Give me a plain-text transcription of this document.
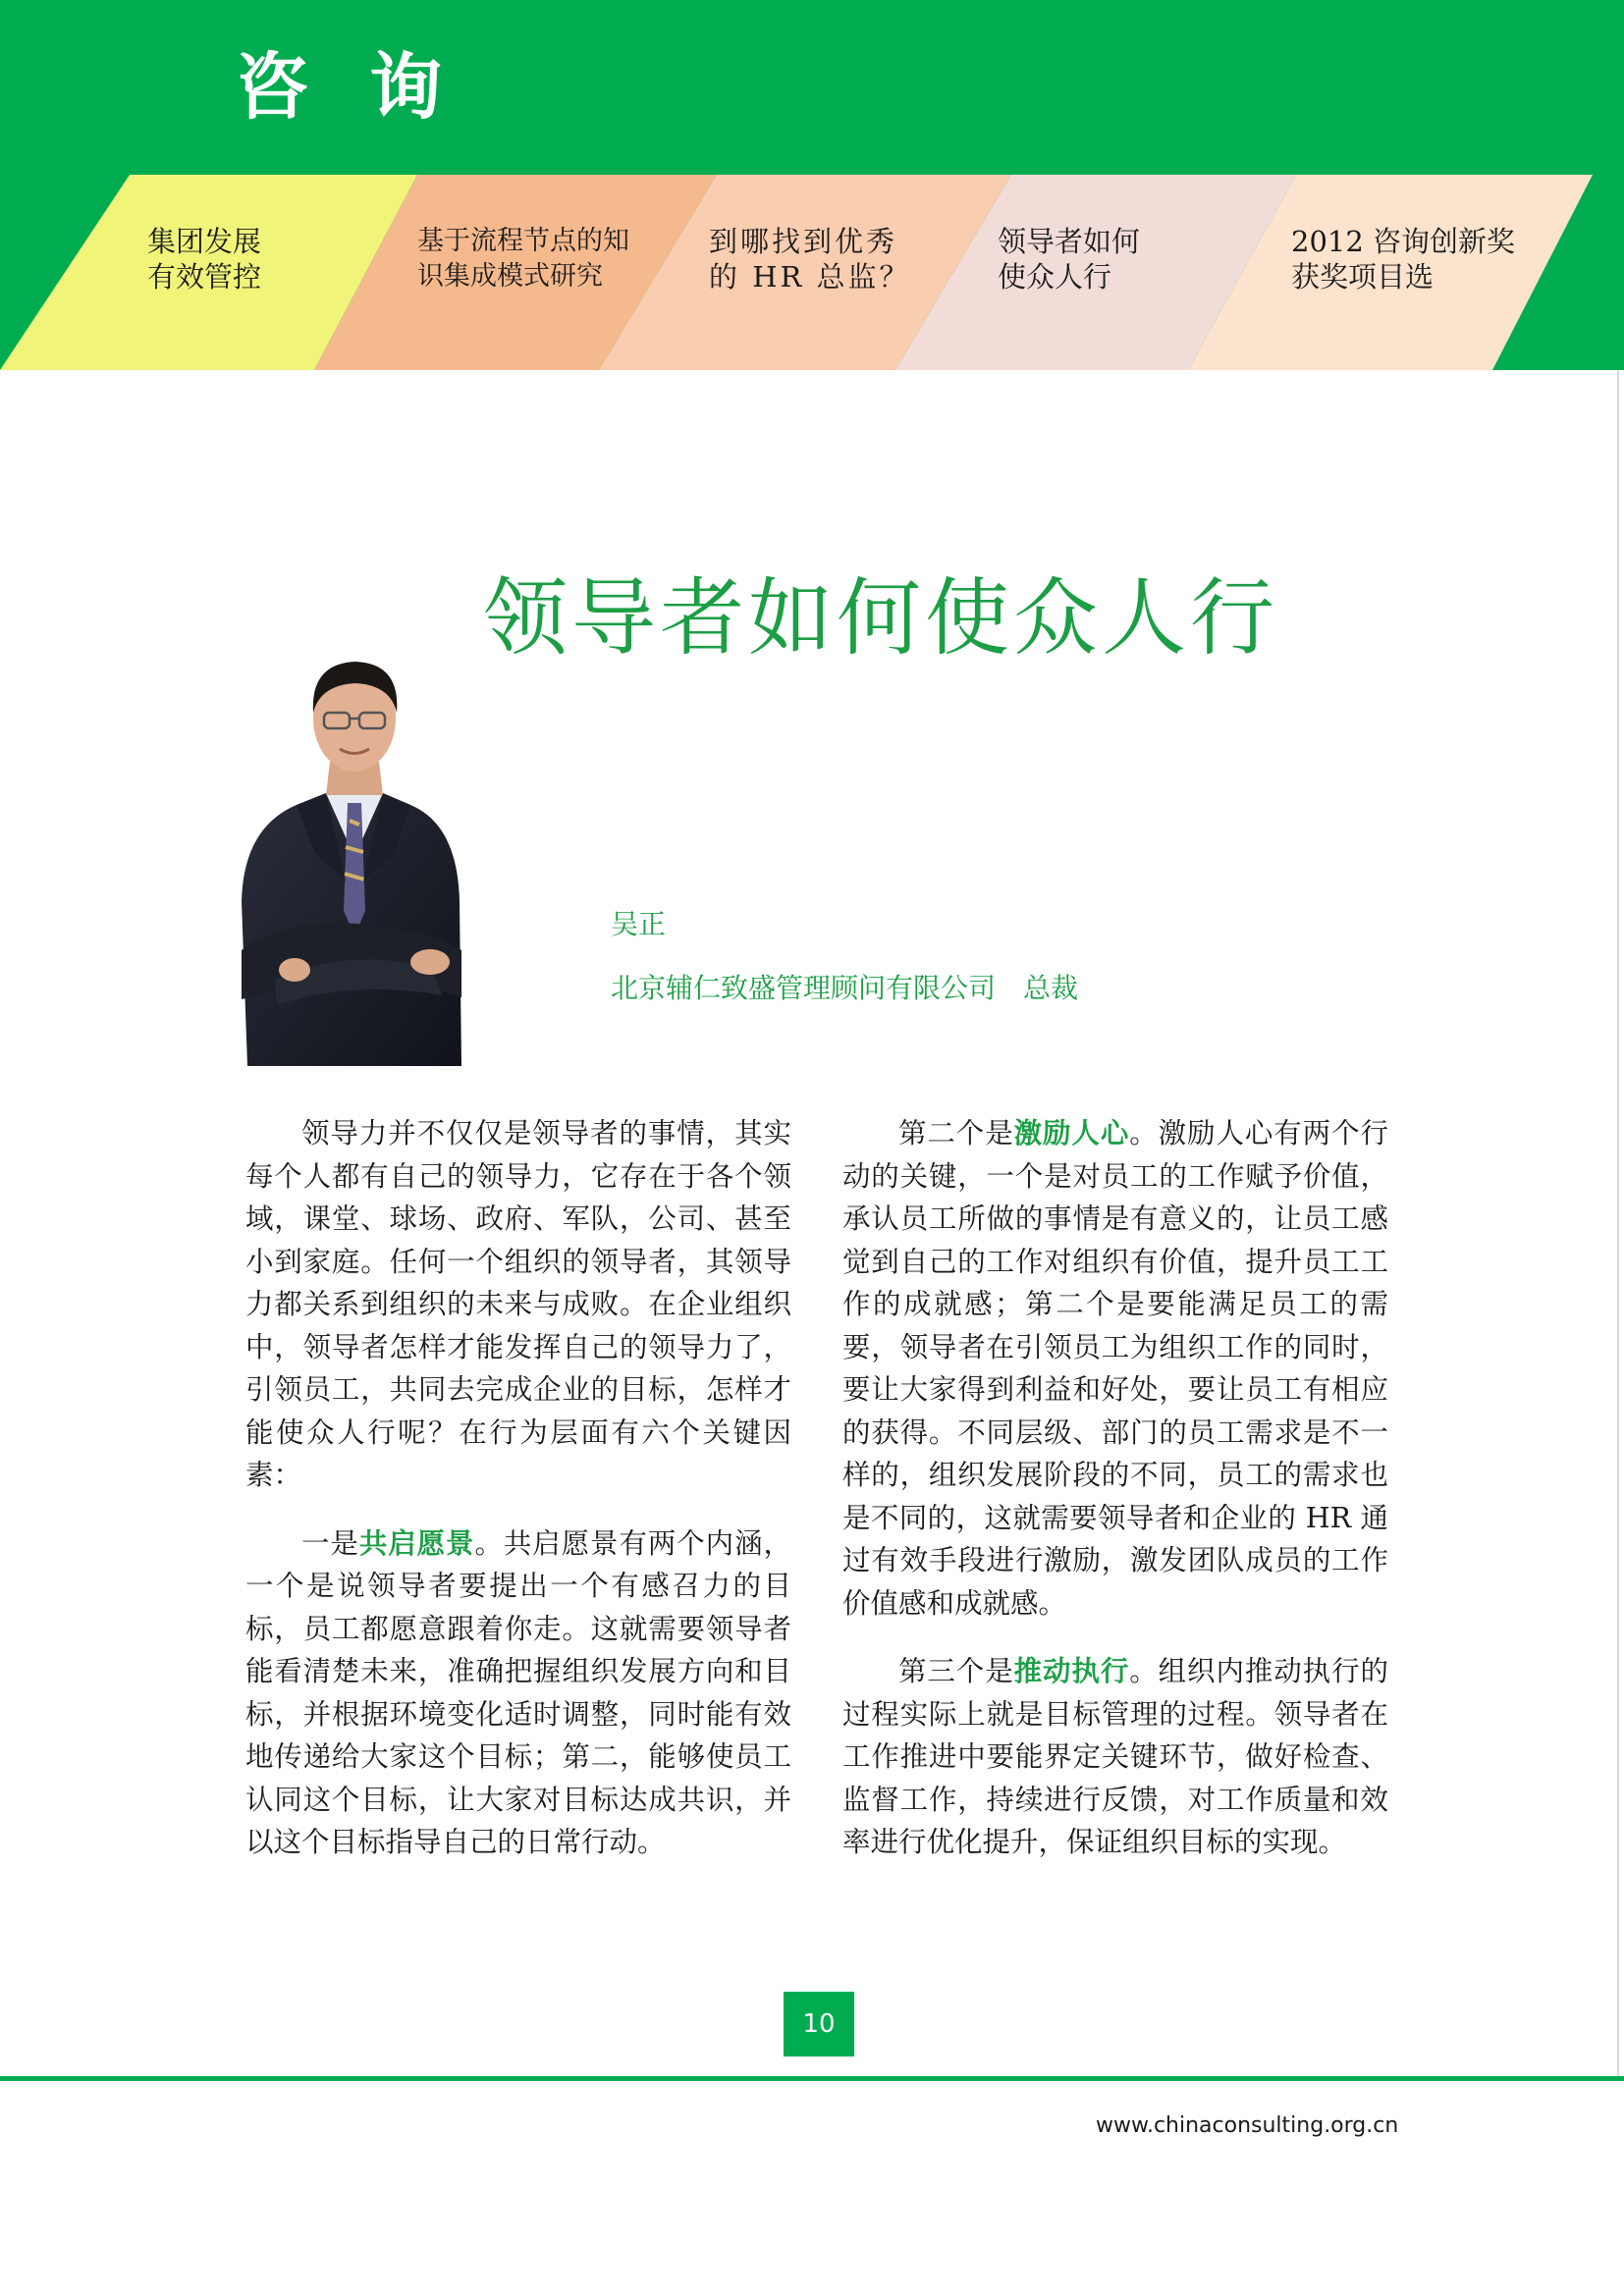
咨询
集团发展
有效管控
基于流程节点的知
识集成模式研究
到哪找到优秀
的 HR 总监？
领导者如何
使众人行
2012 咨询创新奖
获奖项目选
领导者如何使众人行
吴正
北京辅仁致盛管理顾问有限公司　总裁

领导力并不仅仅是领导者的事情，其实每个人都有自己的领导力，它存在于各个领域，课堂、球场、政府、军队，公司、甚至小到家庭。任何一个组织的领导者，其领导力都关系到组织的未来与成败。在企业组织中，领导者怎样才能发挥自己的领导力了，引领员工，共同去完成企业的目标，怎样才能使众人行呢？在行为层面有六个关键因素：

一是共启愿景。共启愿景有两个内涵，一个是说领导者要提出一个有感召力的目标，员工都愿意跟着你走。这就需要领导者能看清楚未来，准确把握组织发展方向和目标，并根据环境变化适时调整，同时能有效地传递给大家这个目标；第二，能够使员工认同这个目标，让大家对目标达成共识，并以这个目标指导自己的日常行动。

第二个是激励人心。激励人心有两个行动的关键，一个是对员工的工作赋予价值，承认员工所做的事情是有意义的，让员工感觉到自己的工作对组织有价值，提升员工工作的成就感；第二个是要能满足员工的需要，领导者在引领员工为组织工作的同时，要让大家得到利益和好处，要让员工有相应的获得。不同层级、部门的员工需求是不一样的，组织发展阶段的不同，员工的需求也是不同的，这就需要领导者和企业的 HR 通过有效手段进行激励，激发团队成员的工作价值感和成就感。

第三个是推动执行。组织内推动执行的过程实际上就是目标管理的过程。领导者在工作推进中要能界定关键环节，做好检查、监督工作，持续进行反馈，对工作质量和效率进行优化提升，保证组织目标的实现。

10
www.chinaconsulting.org.cn
